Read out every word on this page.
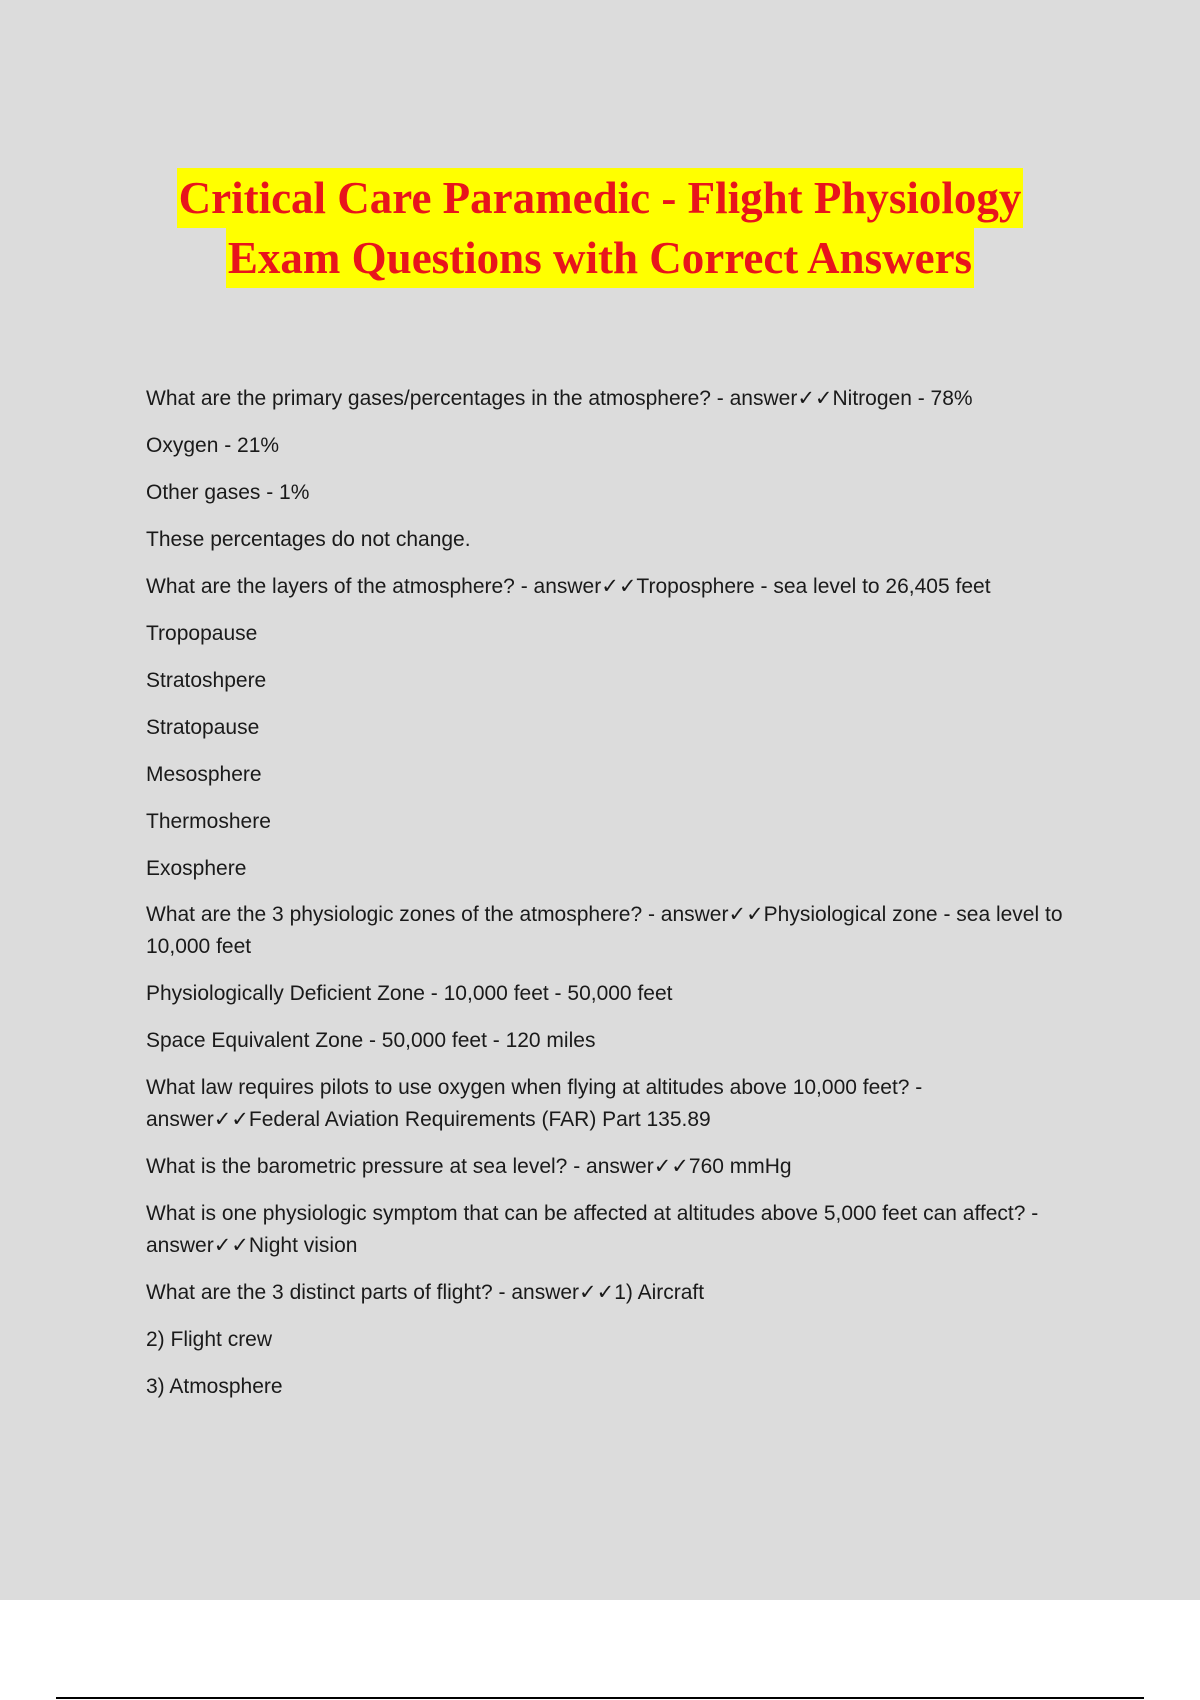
Critical Care Paramedic - Flight Physiology
Exam Questions with Correct Answers

What are the primary gases/percentages in the atmosphere? - answer✓✓Nitrogen - 78%

Oxygen - 21%

Other gases - 1%

These percentages do not change.

What are the layers of the atmosphere? - answer✓✓Troposphere - sea level to 26,405 feet

Tropopause

Stratoshpere

Stratopause

Mesosphere

Thermoshere

Exosphere

What are the 3 physiologic zones of the atmosphere? - answer✓✓Physiological zone - sea level to 10,000 feet

Physiologically Deficient Zone - 10,000 feet - 50,000 feet

Space Equivalent Zone - 50,000 feet - 120 miles

What law requires pilots to use oxygen when flying at altitudes above 10,000 feet? - answer✓✓Federal Aviation Requirements (FAR) Part 135.89

What is the barometric pressure at sea level? - answer✓✓760 mmHg

What is one physiologic symptom that can be affected at altitudes above 5,000 feet can affect? - answer✓✓Night vision

What are the 3 distinct parts of flight? - answer✓✓1) Aircraft

2) Flight crew

3) Atmosphere
